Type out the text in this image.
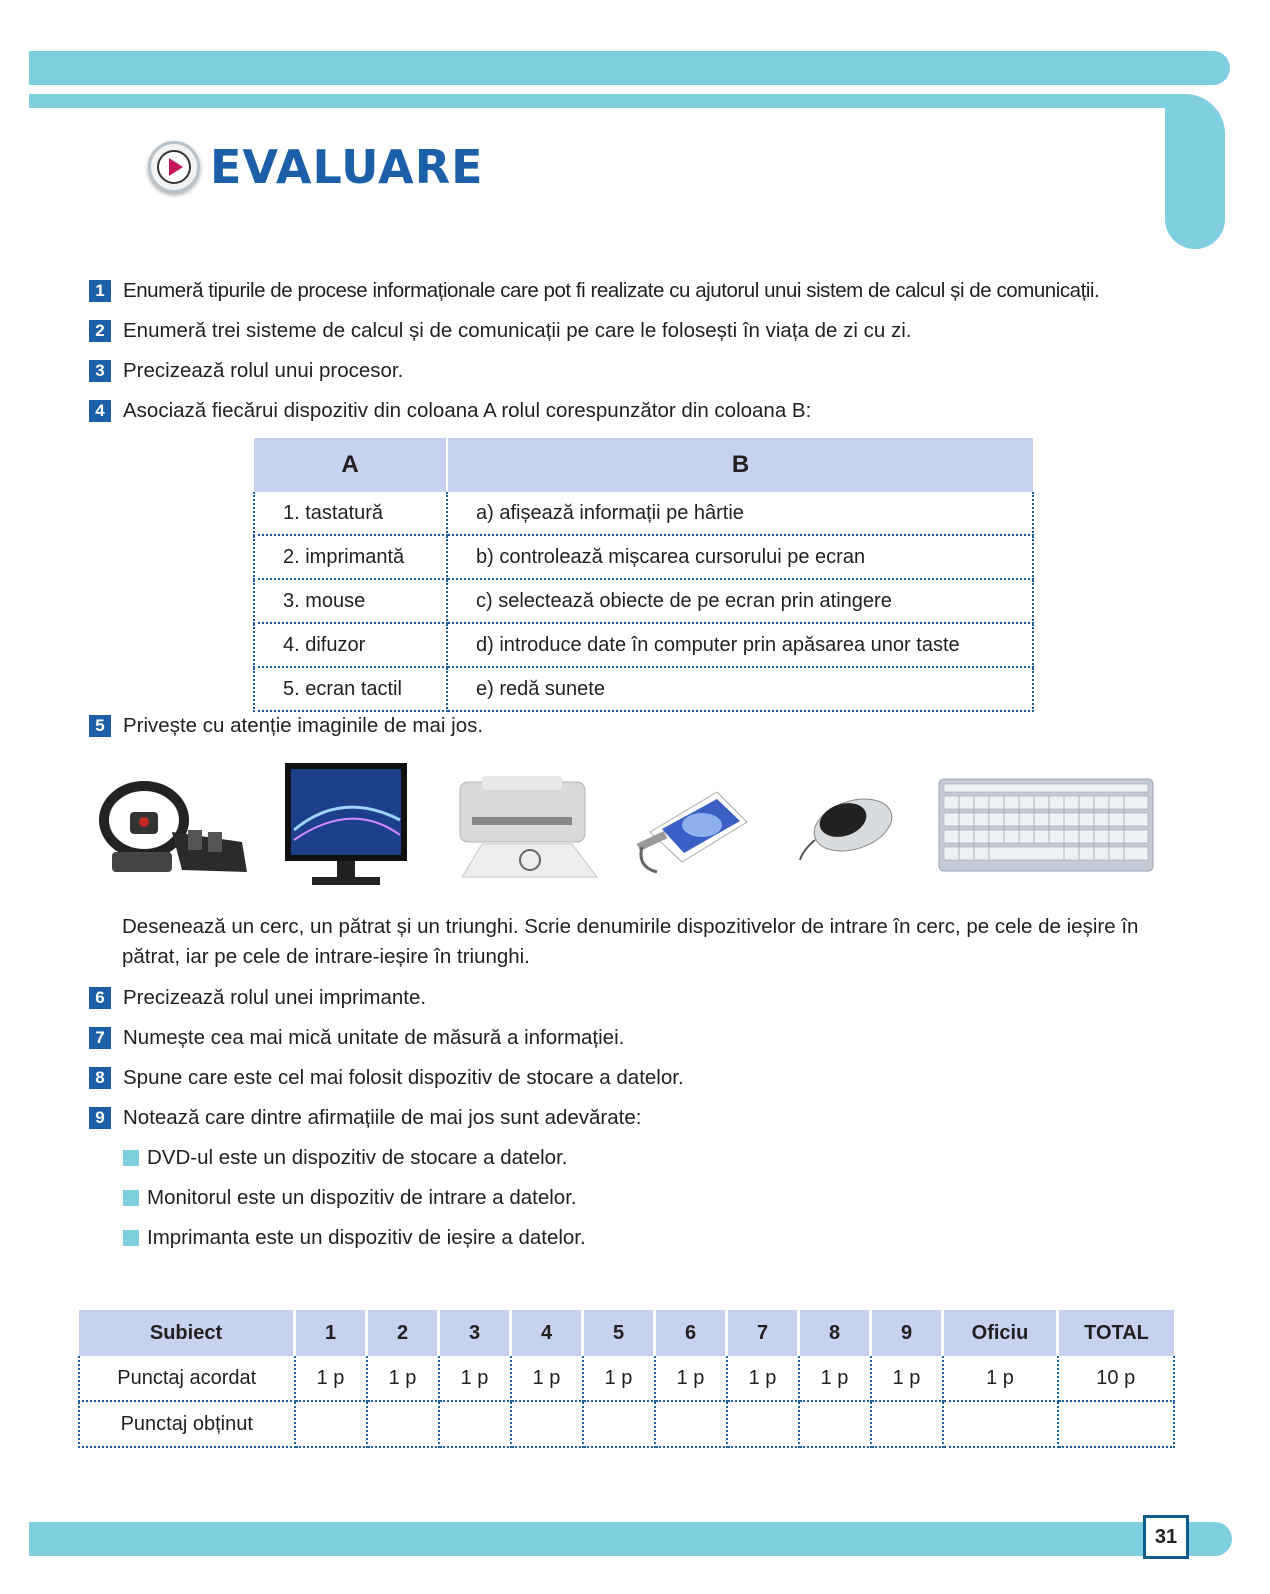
EVALUARE
1 Enumeră tipurile de procese informaționale care pot fi realizate cu ajutorul unui sistem de calcul și de comunicații.
2 Enumeră trei sisteme de calcul și de comunicații pe care le folosești în viața de zi cu zi.
3 Precizează rolul unui procesor.
4 Asociază fiecărui dispozitiv din coloana A rolul corespunzător din coloana B:
A	B
1. tastatură	a) afișează informații pe hârtie
2. imprimantă	b) controlează mișcarea cursorului pe ecran
3. mouse	c) selectează obiecte de pe ecran prin atingere
4. difuzor	d) introduce date în computer prin apăsarea unor taste
5. ecran tactil	e) redă sunete
5 Privește cu atenție imaginile de mai jos.
Desenează un cerc, un pătrat și un triunghi. Scrie denumirile dispozitivelor de intrare în cerc, pe cele de ieșire în pătrat, iar pe cele de intrare-ieșire în triunghi.
6 Precizează rolul unei imprimante.
7 Numește cea mai mică unitate de măsură a informației.
8 Spune care este cel mai folosit dispozitiv de stocare a datelor.
9 Notează care dintre afirmațiile de mai jos sunt adevărate:
DVD-ul este un dispozitiv de stocare a datelor.
Monitorul este un dispozitiv de intrare a datelor.
Imprimanta este un dispozitiv de ieșire a datelor.
Subiect	1	2	3	4	5	6	7	8	9	Oficiu	TOTAL
Punctaj acordat	1 p	1 p	1 p	1 p	1 p	1 p	1 p	1 p	1 p	1 p	10 p
Punctaj obținut											
31
